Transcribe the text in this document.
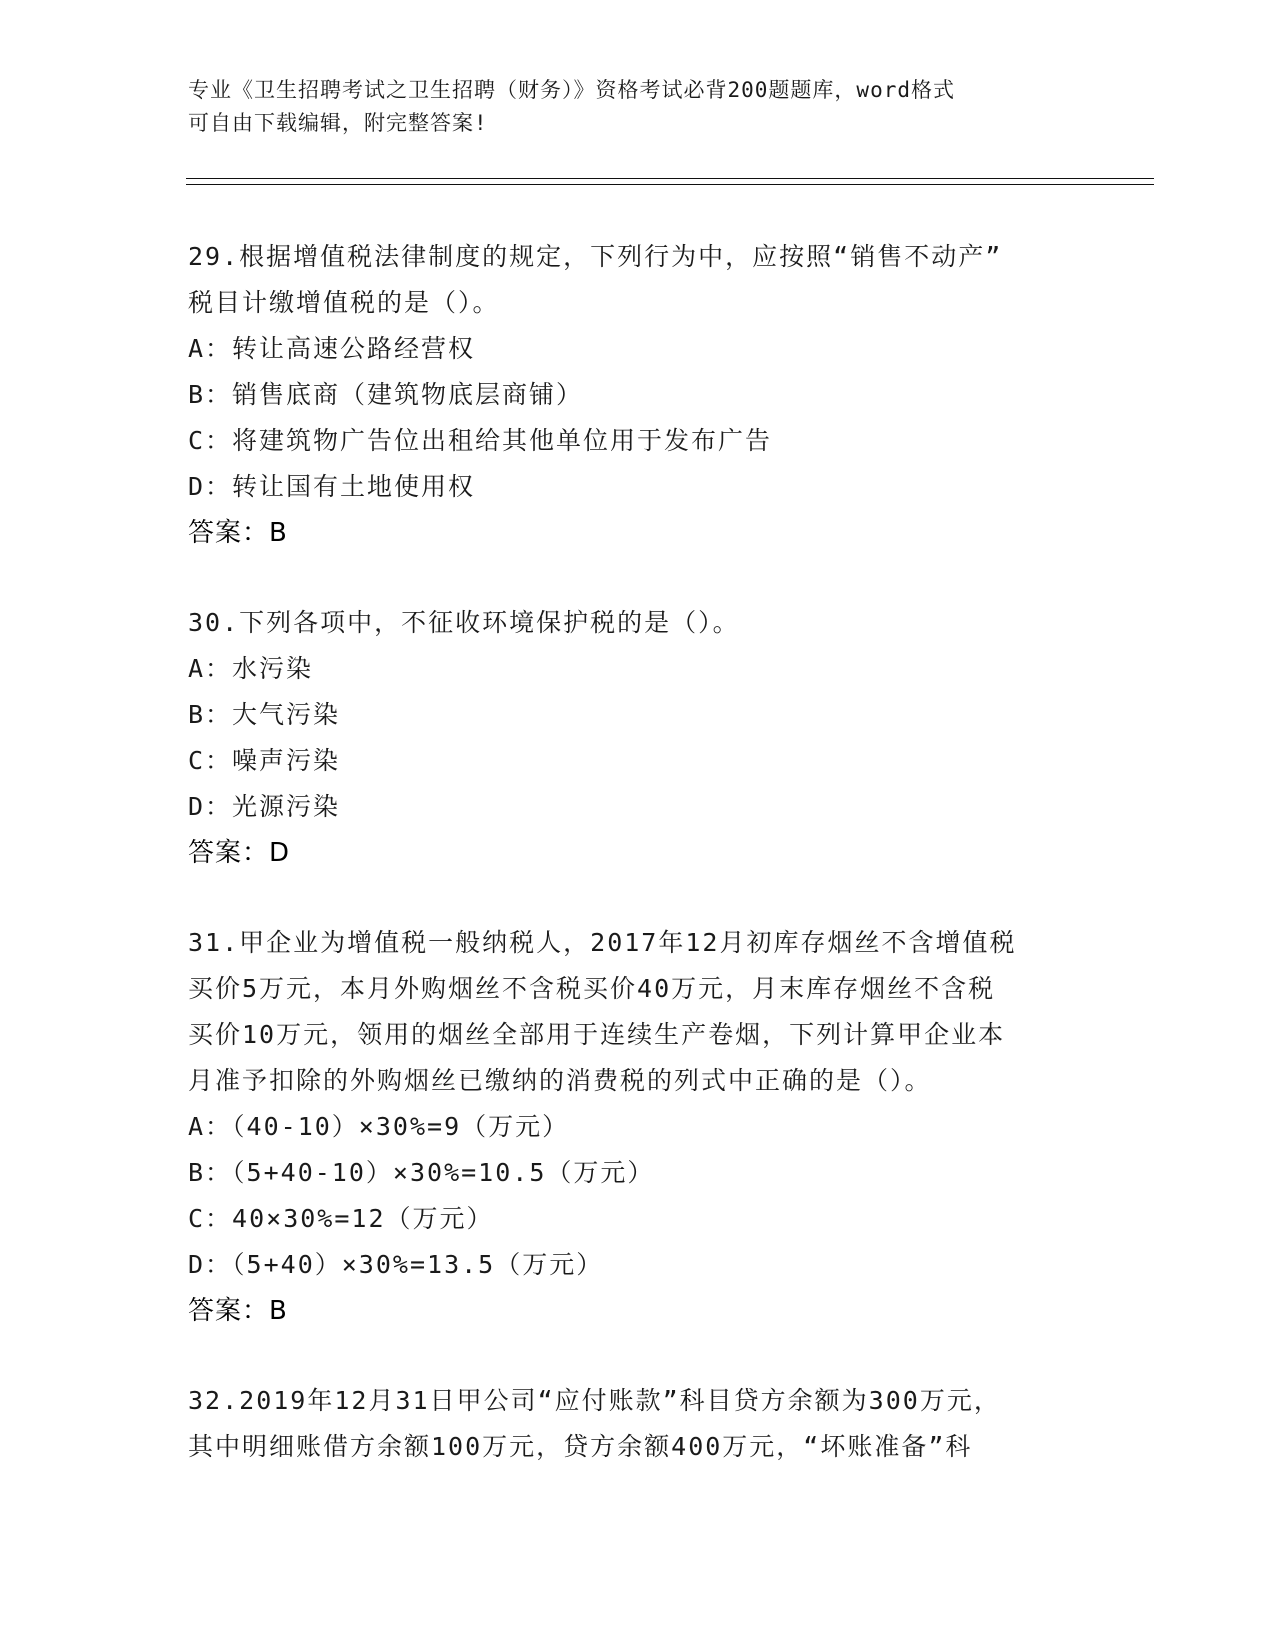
专业《卫生招聘考试之卫生招聘（财务）》资格考试必背200题题库，word格式
可自由下载编辑，附完整答案!
29.根据增值税法律制度的规定，下列行为中，应按照“销售不动产”
税目计缴增值税的是（）。
A：转让高速公路经营权
B：销售底商（建筑物底层商铺）
C：将建筑物广告位出租给其他单位用于发布广告
D：转让国有土地使用权
答案：B
30.下列各项中，不征收环境保护税的是（）。
A：水污染
B：大气污染
C：噪声污染
D：光源污染
答案：D
31.甲企业为增值税一般纳税人，2017年12月初库存烟丝不含增值税
买价5万元，本月外购烟丝不含税买价40万元，月末库存烟丝不含税
买价10万元，领用的烟丝全部用于连续生产卷烟，下列计算甲企业本
月准予扣除的外购烟丝已缴纳的消费税的列式中正确的是（）。
A：（40-10）×30%=9（万元）
B：（5+40-10）×30%=10.5（万元）
C：40×30%=12（万元）
D：（5+40）×30%=13.5（万元）
答案：B
32.2019年12月31日甲公司“应付账款”科目贷方余额为300万元，
其中明细账借方余额100万元，贷方余额400万元，“坏账准备”科
